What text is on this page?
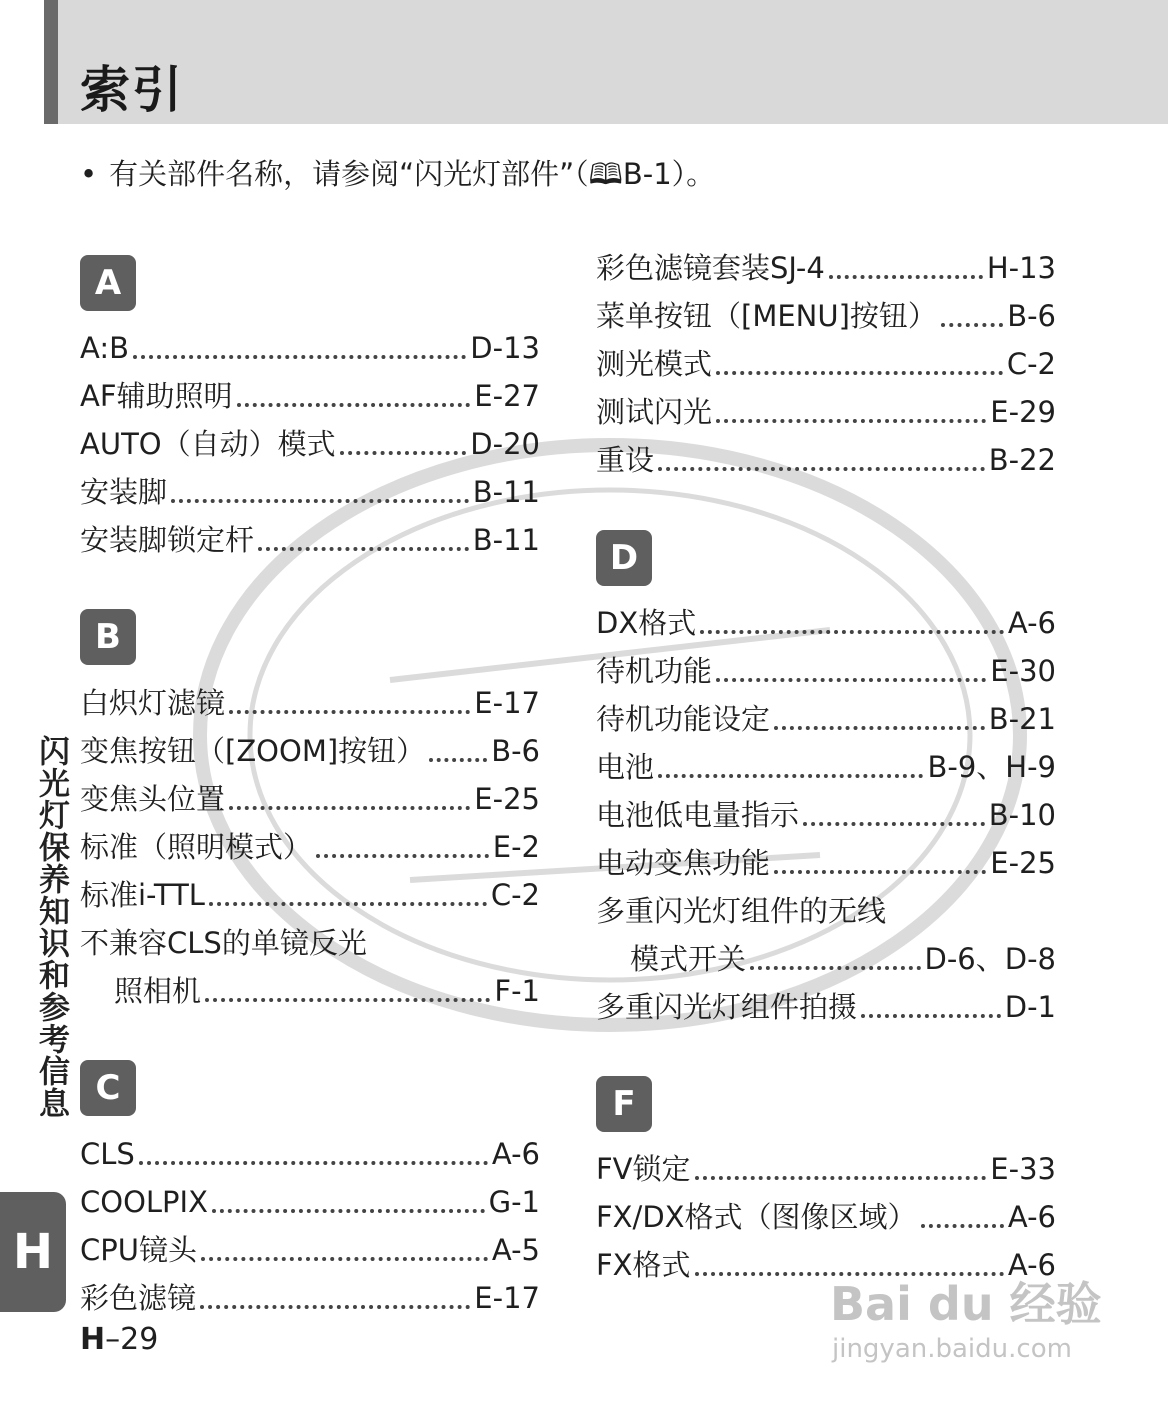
索引
• 有关部件名称，请参阅“闪光灯部件”（🕮B-1）。
A
A:B	D-13
AF辅助照明	E-27
AUTO（自动）模式	D-20
安装脚	B-11
安装脚锁定杆	B-11
B
白炽灯滤镜	E-17
变焦按钮（[ZOOM]按钮） B-6
变焦头位置	E-25
标准（照明模式）	E-2
标准i-TTL	C-2
不兼容CLS的单镜反光
照相机	F-1
C
CLS	A-6
COOLPIX	G-1
CPU镜头	A-5
彩色滤镜	E-17
彩色滤镜套装SJ-4	H-13
菜单按钮（[MENU]按钮） B-6
测光模式	C-2
测试闪光	E-29
重设	B-22
D
DX格式	A-6
待机功能	E-30
待机功能设定	B-21
电池	B-9、H-9
电池低电量指示	B-10
电动变焦功能	E-25
多重闪光灯组件的无线
模式开关	D-6、D-8
多重闪光灯组件拍摄	D-1
F
FV锁定	E-33
FX/DX格式（图像区域）	A-6
FX格式	A-6
闪光灯保养知识和参考信息
H
H–29
Bai du 经验
jingyan.baidu.com
